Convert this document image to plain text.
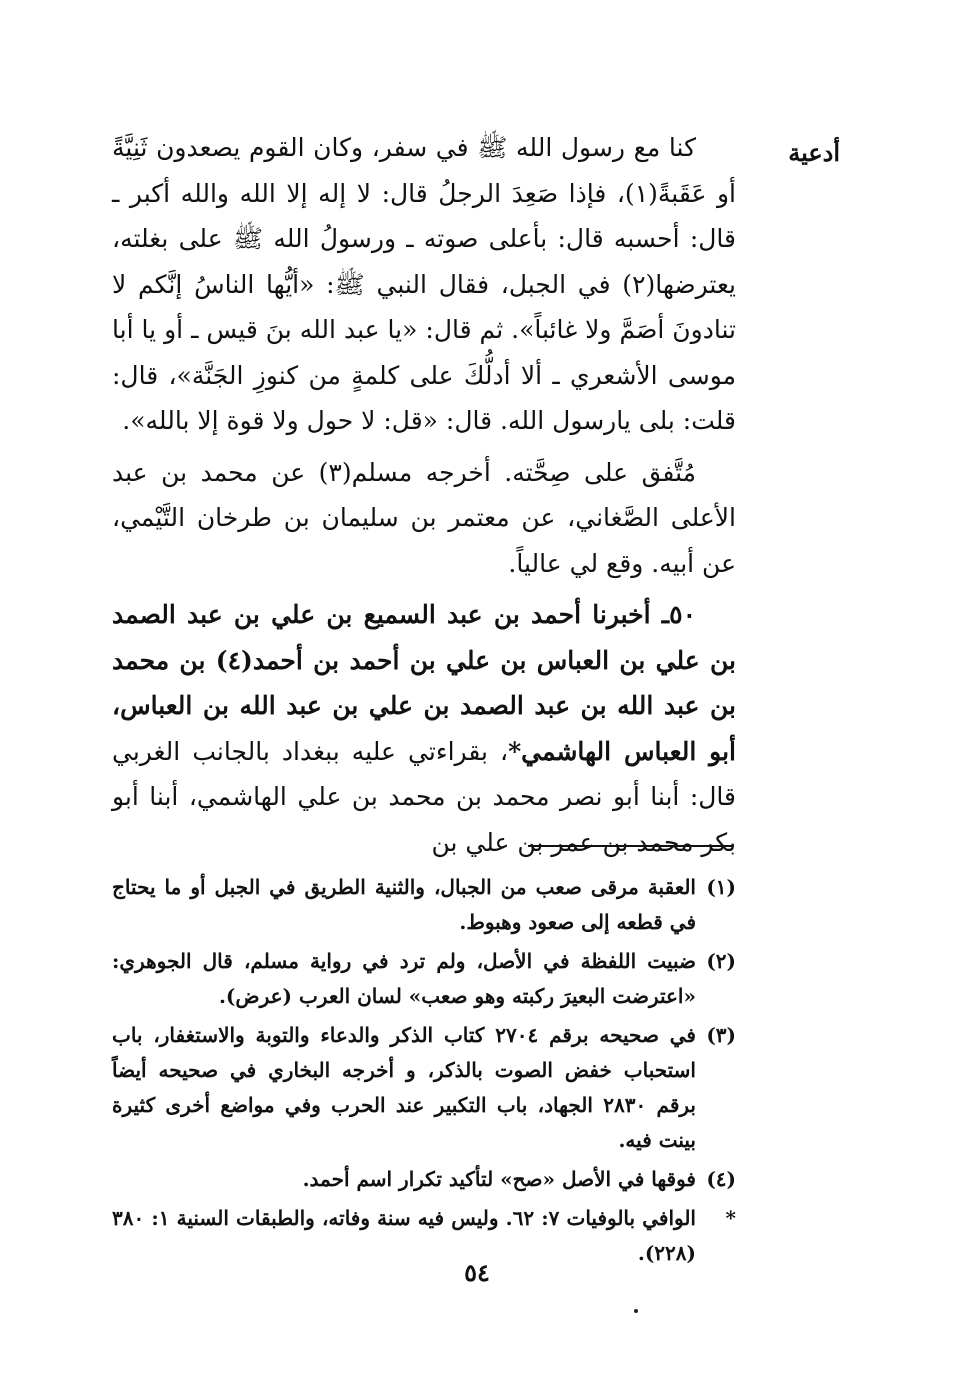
أدعية

كنا مع رسول الله ﷺ في سفر، وكان القوم يصعدون ثَنِيَّةً أو عَقَبةً(١)، فإذا صَعِدَ الرجلُ قال: لا إله إلا الله والله أكبر ـ قال: أحسبه قال: بأعلى صوته ـ ورسولُ الله ﷺ على بغلته، يعترضها(٢) في الجبل، فقال النبي ﷺ: «أيُّها الناسُ إنَّكم لا تنادونَ أصَمَّ ولا غائباً». ثم قال: «يا عبد الله بنَ قيس ـ أو يا أبا موسى الأشعري ـ ألا أدلُّكَ على كلمةٍ من كنوزِ الجَنَّة»، قال: قلت: بلى يارسول الله. قال: «قل: لا حول ولا قوة إلا بالله».

مُتَّفق على صِحَّته. أخرجه مسلم(٣) عن محمد بن عبد الأعلى الصَّغاني، عن معتمر بن سليمان بن طرخان التَّيْمي، عن أبيه. وقع لي عالياً.

٥٠ـ أخبرنا أحمد بن عبد السميع بن علي بن عبد الصمد بن علي بن العباس بن علي بن أحمد بن أحمد(٤) بن محمد بن عبد الله بن عبد الصمد بن علي بن عبد الله بن العباس، أبو العباس الهاشمي*، بقراءتي عليه ببغداد بالجانب الغربي قال: أبنا أبو نصر محمد بن محمد بن علي الهاشمي، أبنا أبو بكر محمد بن عمر بن علي بن

(١)
العقبة مرقى صعب من الجبال، والثنية الطريق في الجبل أو ما يحتاج في قطعه إلى صعود وهبوط.
(٢)
ضبيت اللفظة في الأصل، ولم ترد في رواية مسلم، قال الجوهري: «اعترضت البعيرَ ركبته وهو صعب» لسان العرب (عرض).
(٣)
في صحيحه برقم ٢٧٠٤ كتاب الذكر والدعاء والتوبة والاستغفار، باب استحباب خفض الصوت بالذكر، و أخرجه البخاري في صحيحه أيضاً برقم ٢٨٣٠ الجهاد، باب التكبير عند الحرب وفي مواضع أخرى كثيرة بينت فيه.
(٤)
فوقها في الأصل «صح» لتأكيد تكرار اسم أحمد.
*
الوافي بالوفيات ٧: ٦٢. وليس فيه سنة وفاته، والطبقات السنية ١: ٣٨٠ (٢٢٨).
٥٤
